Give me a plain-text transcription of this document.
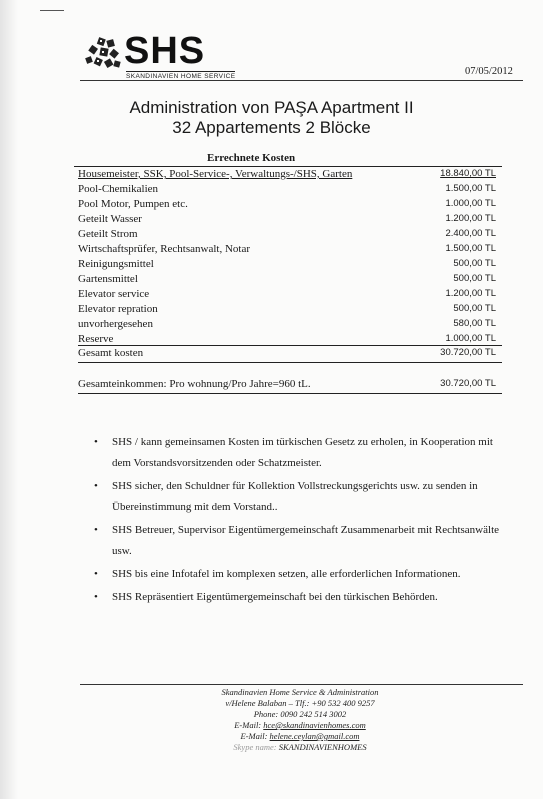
SHS
SKANDINAVIEN HOME SERVICE	07/05/2012
Administration von PAŞA Apartment II
32 Appartements 2 Blöcke
Errechnete Kosten
Housemeister, SSK, Pool-Service-, Verwaltungs-/SHS, Garten	18.840,00 TL
Pool-Chemikalien	1.500,00 TL
Pool Motor, Pumpen etc.	1.000,00 TL
Geteilt Wasser	1.200,00 TL
Geteilt Strom	2.400,00 TL
Wirtschaftsprüfer, Rechtsanwalt, Notar	1.500,00 TL
Reinigungsmittel	500,00 TL
Gartensmittel	500,00 TL
Elevator service	1.200,00 TL
Elevator repration	500,00 TL
unvorhergesehen	580,00 TL
Reserve	1.000,00 TL
Gesamt kosten	30.720,00 TL
Gesamteinkommen: Pro wohnung/Pro Jahre=960 tL.	30.720,00 TL
• SHS / kann gemeinsamen Kosten im türkischen Gesetz zu erholen, in Kooperation mit dem Vorstandsvorsitzenden oder Schatzmeister.
• SHS sicher, den Schuldner für Kollektion Vollstreckungsgerichts usw. zu senden in Übereinstimmung mit dem Vorstand..
• SHS Betreuer, Supervisor Eigentümergemeinschaft Zusammenarbeit mit Rechtsanwälte usw.
• SHS bis eine Infotafel im komplexen setzen, alle erforderlichen Informationen.
• SHS Repräsentiert Eigentümergemeinschaft bei den türkischen Behörden.
Skandinavien Home Service & Administration
v/Helene Balaban – Tlf.: +90 532 400 9257
Phone: 0090 242 514 3002
E-Mail: hce@skandinavienhomes.com
E-Mail: helene.ceylan@gmail.com
Skype name: SKANDINAVIENHOMES
